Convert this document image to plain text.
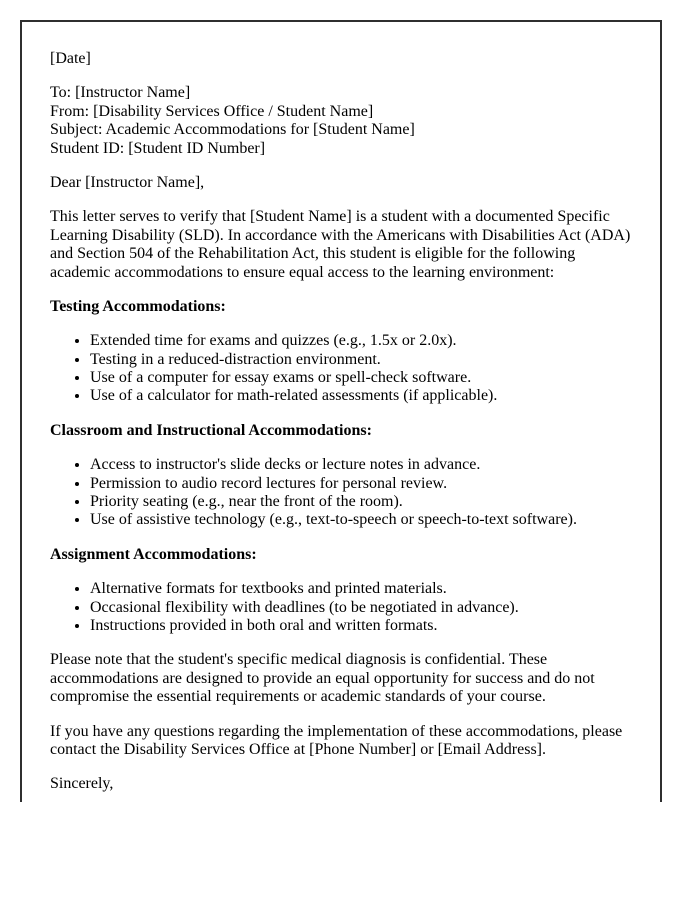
[Date]

To: [Instructor Name]
From: [Disability Services Office / Student Name]
Subject: Academic Accommodations for [Student Name]
Student ID: [Student ID Number]

Dear [Instructor Name],

This letter serves to verify that [Student Name] is a student with a documented Specific Learning Disability (SLD). In accordance with the Americans with Disabilities Act (ADA) and Section 504 of the Rehabilitation Act, this student is eligible for the following academic accommodations to ensure equal access to the learning environment:

Testing Accommodations:

• Extended time for exams and quizzes (e.g., 1.5x or 2.0x).
• Testing in a reduced-distraction environment.
• Use of a computer for essay exams or spell-check software.
• Use of a calculator for math-related assessments (if applicable).

Classroom and Instructional Accommodations:

• Access to instructor's slide decks or lecture notes in advance.
• Permission to audio record lectures for personal review.
• Priority seating (e.g., near the front of the room).
• Use of assistive technology (e.g., text-to-speech or speech-to-text software).

Assignment Accommodations:

• Alternative formats for textbooks and printed materials.
• Occasional flexibility with deadlines (to be negotiated in advance).
• Instructions provided in both oral and written formats.

Please note that the student's specific medical diagnosis is confidential. These accommodations are designed to provide an equal opportunity for success and do not compromise the essential requirements or academic standards of your course.

If you have any questions regarding the implementation of these accommodations, please contact the Disability Services Office at [Phone Number] or [Email Address].

Sincerely,
